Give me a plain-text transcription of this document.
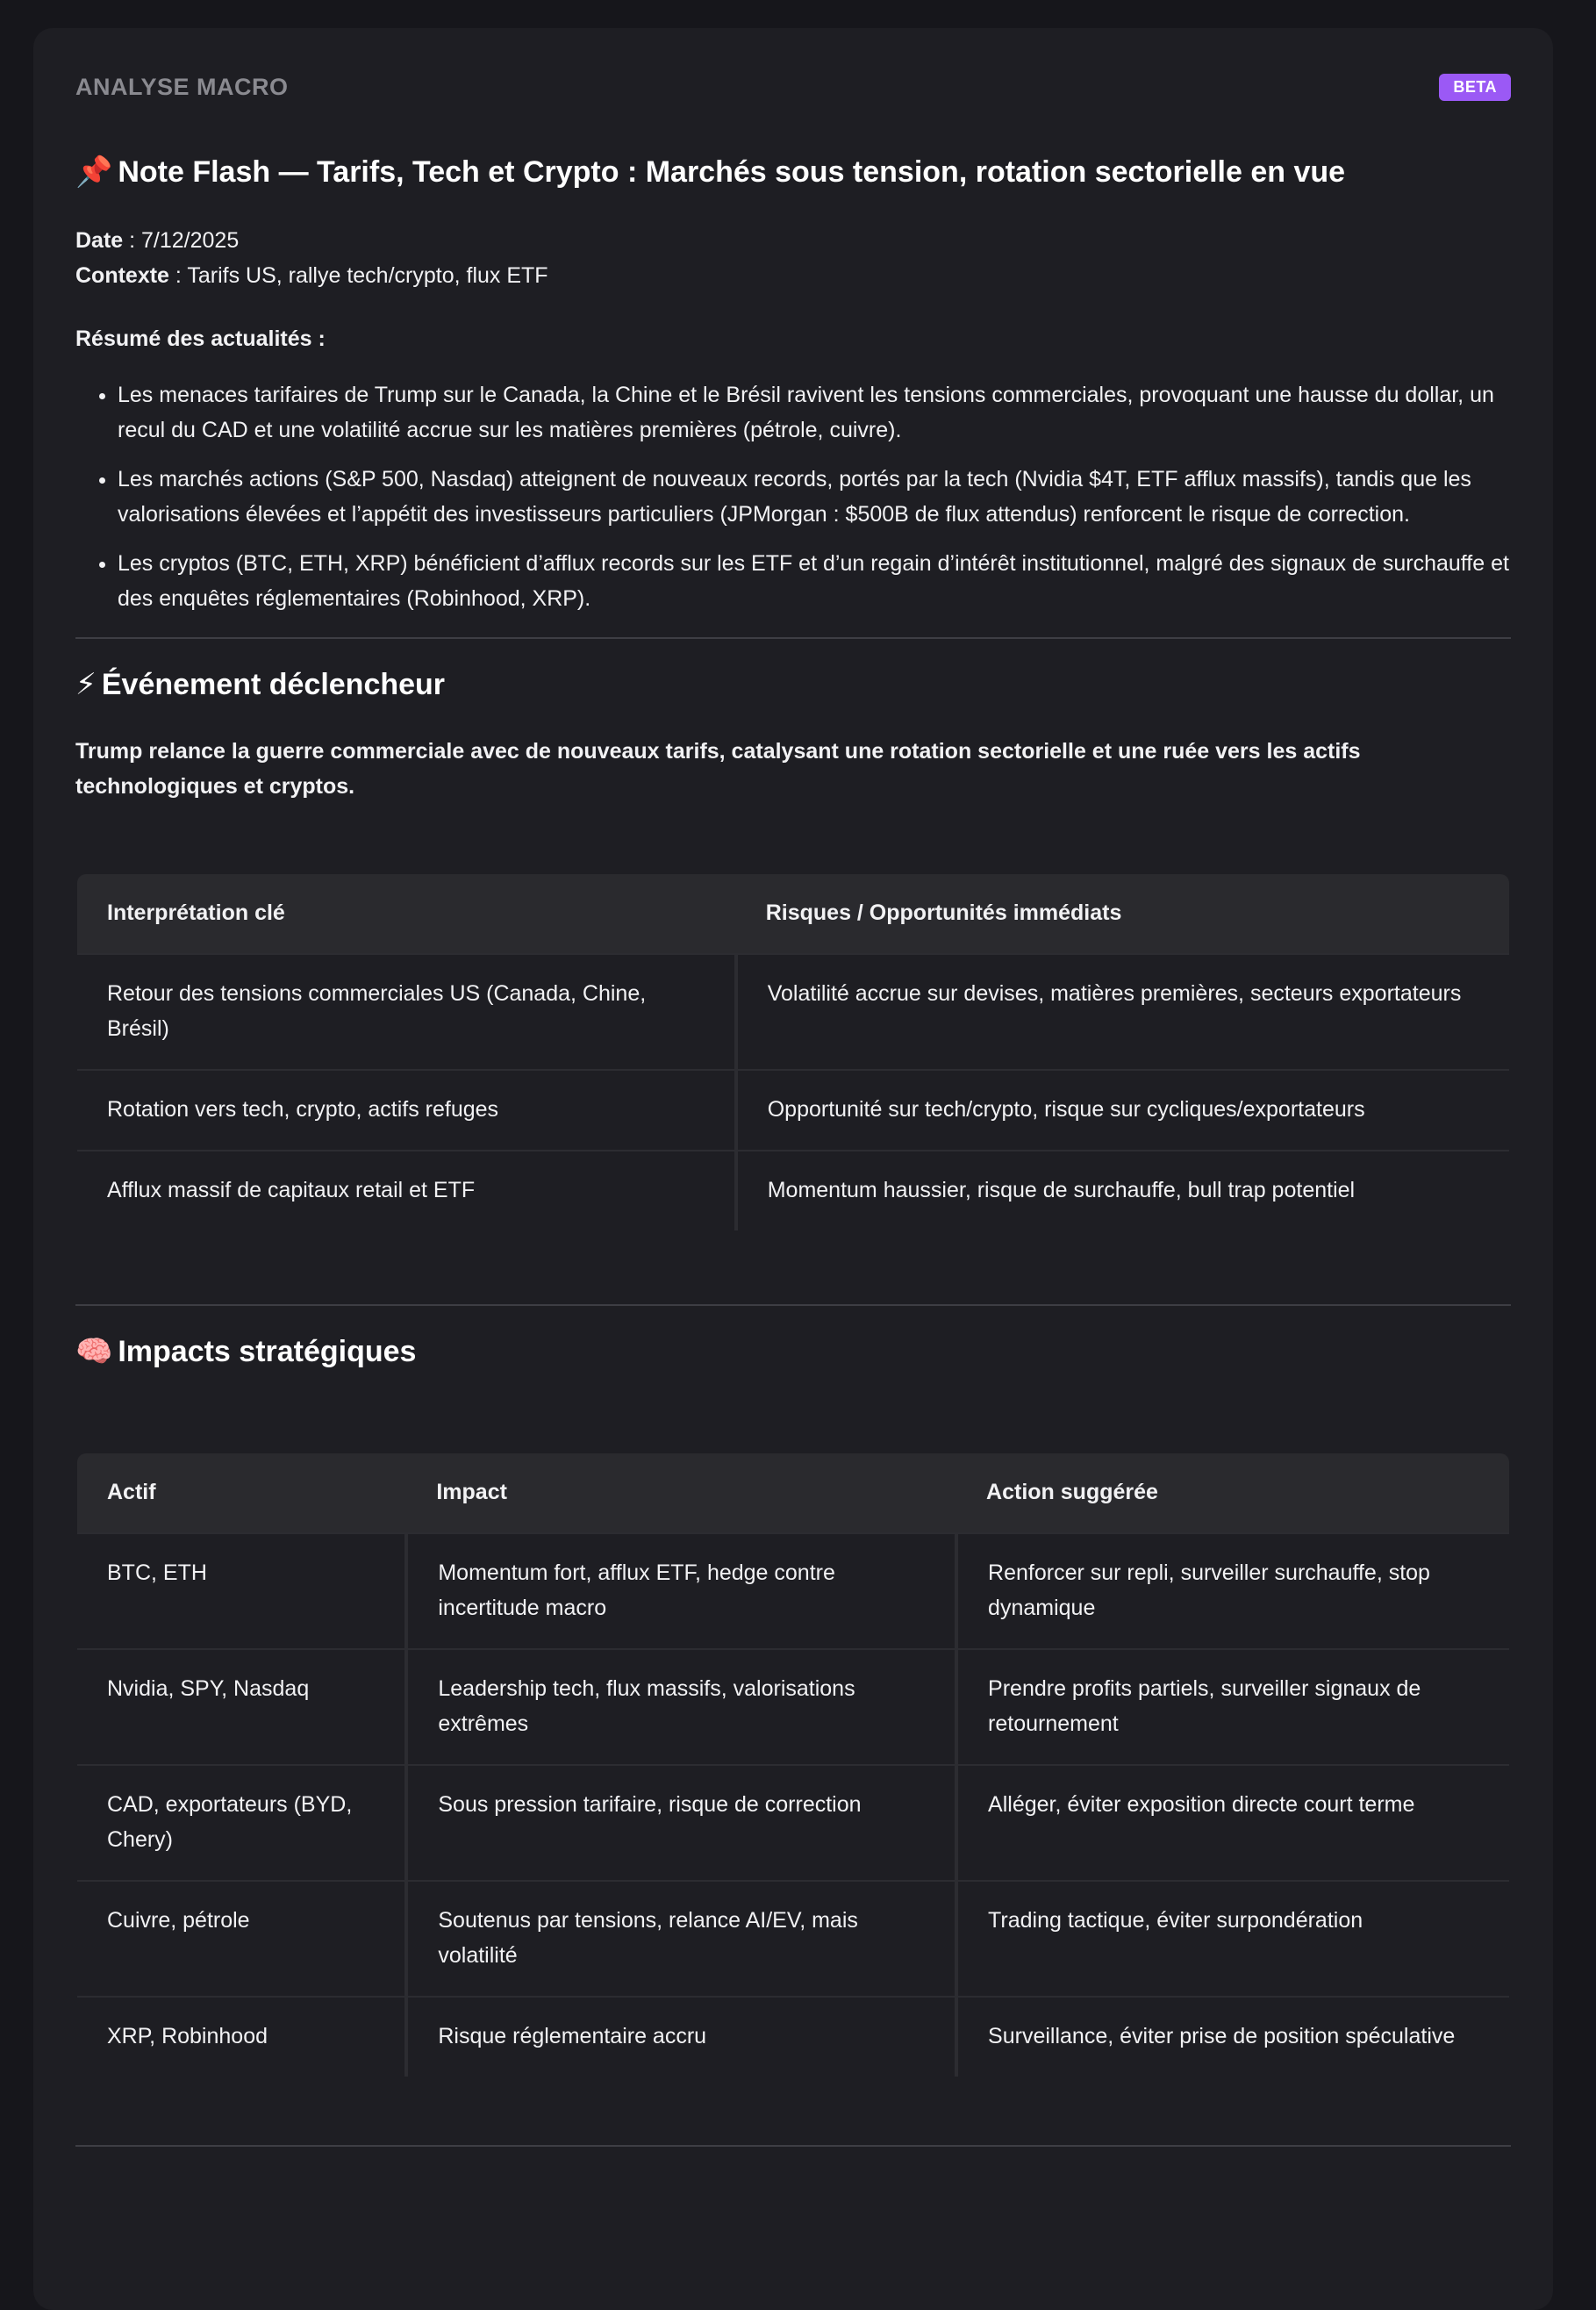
ANALYSE MACRO	BETA
📌 Note Flash — Tarifs, Tech et Crypto : Marchés sous tension, rotation sectorielle en vue
Date : 7/12/2025
Contexte : Tarifs US, rallye tech/crypto, flux ETF
Résumé des actualités :
• Les menaces tarifaires de Trump sur le Canada, la Chine et le Brésil ravivent les tensions commerciales, provoquant une hausse du dollar, un recul du CAD et une volatilité accrue sur les matières premières (pétrole, cuivre).
• Les marchés actions (S&P 500, Nasdaq) atteignent de nouveaux records, portés par la tech (Nvidia $4T, ETF afflux massifs), tandis que les valorisations élevées et l’appétit des investisseurs particuliers (JPMorgan : $500B de flux attendus) renforcent le risque de correction.
• Les cryptos (BTC, ETH, XRP) bénéficient d’afflux records sur les ETF et d’un regain d’intérêt institutionnel, malgré des signaux de surchauffe et des enquêtes réglementaires (Robinhood, XRP).
⚡ Événement déclencheur
Trump relance la guerre commerciale avec de nouveaux tarifs, catalysant une rotation sectorielle et une ruée vers les actifs technologiques et cryptos.
Interprétation clé	Risques / Opportunités immédiats
Retour des tensions commerciales US (Canada, Chine, Brésil)	Volatilité accrue sur devises, matières premières, secteurs exportateurs
Rotation vers tech, crypto, actifs refuges	Opportunité sur tech/crypto, risque sur cycliques/exportateurs
Afflux massif de capitaux retail et ETF	Momentum haussier, risque de surchauffe, bull trap potentiel
🧠 Impacts stratégiques
Actif	Impact	Action suggérée
BTC, ETH	Momentum fort, afflux ETF, hedge contre incertitude macro	Renforcer sur repli, surveiller surchauffe, stop dynamique
Nvidia, SPY, Nasdaq	Leadership tech, flux massifs, valorisations extrêmes	Prendre profits partiels, surveiller signaux de retournement
CAD, exportateurs (BYD, Chery)	Sous pression tarifaire, risque de correction	Alléger, éviter exposition directe court terme
Cuivre, pétrole	Soutenus par tensions, relance AI/EV, mais volatilité	Trading tactique, éviter surpondération
XRP, Robinhood	Risque réglementaire accru	Surveillance, éviter prise de position spéculative
